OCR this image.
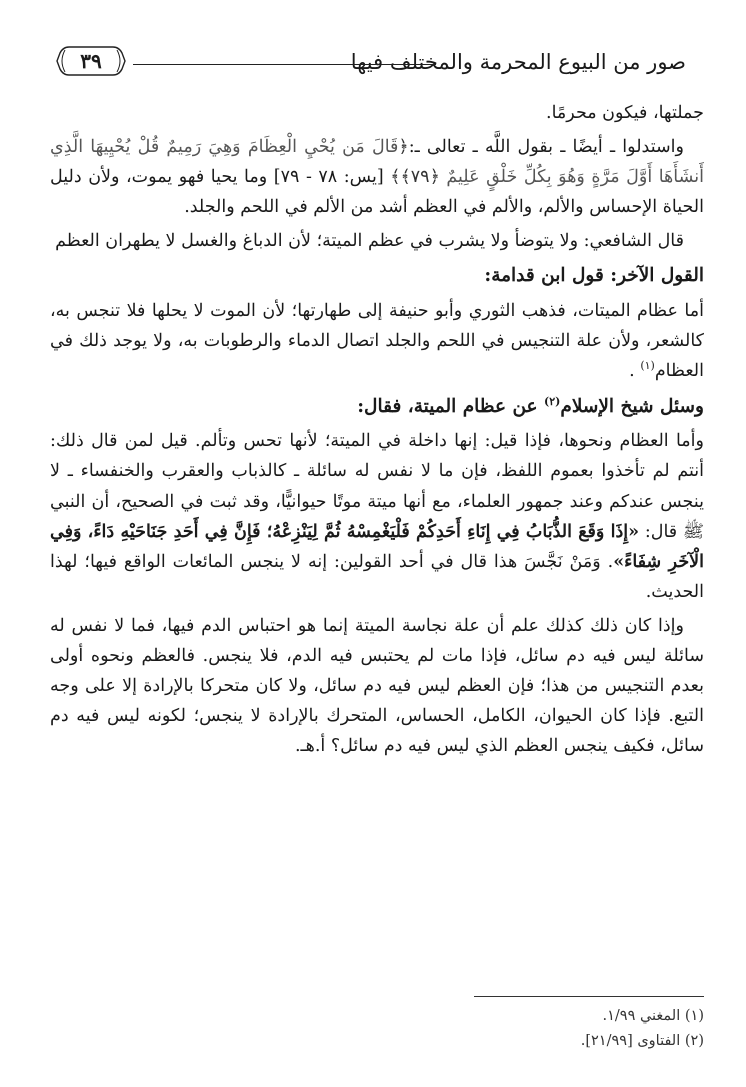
صور من البيوع المحرمة والمختلف فيها
٣٩

جملتها، فيكون محرمًا.

واستدلوا ـ أيضًا ـ بقول اللَّه ـ تعالى ـ:﴿قَالَ مَن يُحْيِ الْعِظَامَ وَهِيَ رَمِيمٌ قُلْ يُحْيِيهَا الَّذِي أَنشَأَهَا أَوَّلَ مَرَّةٍ وَهُوَ بِكُلِّ خَلْقٍ عَلِيمٌ ﴿٧٩﴾﴾ [يس: ٧٨ - ٧٩] وما يحيا فهو يموت، ولأن دليل الحياة الإحساس والألم، والألم في العظم أشد من الألم في اللحم والجلد.

قال الشافعي: ولا يتوضأ ولا يشرب في عظم الميتة؛ لأن الدباغ والغسل لا يطهران العظم

القول الآخر: قول ابن قدامة:

أما عظام الميتات، فذهب الثوري وأبو حنيفة إلى طهارتها؛ لأن الموت لا يحلها فلا تنجس به، كالشعر، ولأن علة التنجيس في اللحم والجلد اتصال الدماء والرطوبات به، ولا يوجد ذلك في العظام$^{(١)}$ .

وسئل شيخ الإسلام$^{(٢)}$ عن عظام الميتة، فقال:

وأما العظام ونحوها، فإذا قيل: إنها داخلة في الميتة؛ لأنها تحس وتألم. قيل لمن قال ذلك: أنتم لم تأخذوا بعموم اللفظ، فإن ما لا نفس له سائلة ـ كالذباب والعقرب والخنفساء ـ لا ينجس عندكم وعند جمهور العلماء، مع أنها ميتة موتًا حيوانيًّا، وقد ثبت في الصحيح، أن النبي ﷺ قال: «إِذَا وَقَعَ الذُّبَابُ فِي إِنَاءِ أَحَدِكُمْ فَلْيَغْمِسْهُ ثُمَّ لِيَنْزِعْهُ؛ فَإِنَّ فِي أَحَدِ جَنَاحَيْهِ دَاءً، وَفِي الْآخَرِ شِفَاءً». وَمَنْ نَجَّسَ هذا قال في أحد القولين: إنه لا ينجس المائعات الواقع فيها؛ لهذا الحديث.

وإذا كان ذلك كذلك علم أن علة نجاسة الميتة إنما هو احتباس الدم فيها، فما لا نفس له سائلة ليس فيه دم سائل، فإذا مات لم يحتبس فيه الدم، فلا ينجس. فالعظم ونحوه أولى بعدم التنجيس من هذا؛ فإن العظم ليس فيه دم سائل، ولا كان متحركا بالإرادة إلا على وجه التبع. فإذا كان الحيوان، الكامل، الحساس، المتحرك بالإرادة لا ينجس؛ لكونه ليس فيه دم سائل، فكيف ينجس العظم الذي ليس فيه دم سائل؟ أ.هـ.

(١) المغني ١/٩٩.
(٢) الفتاوى [٢١/٩٩].
